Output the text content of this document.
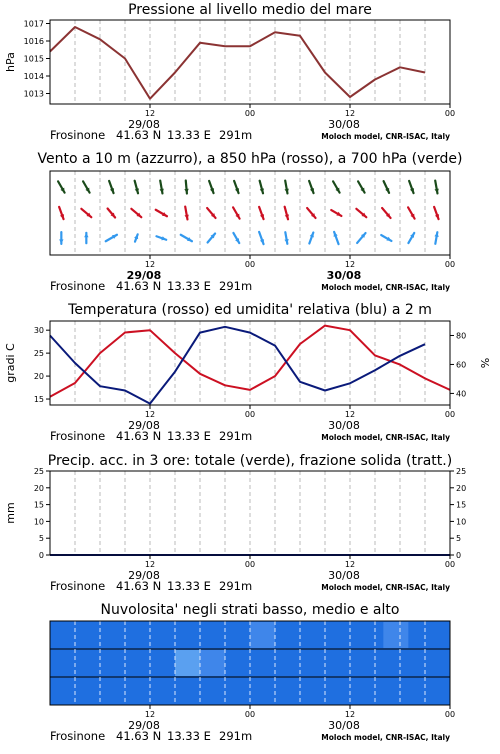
Pressione al livello medio del mare
1013
1014
1015
1016
1017
hPa
12	00	12	00
29/08	30/08
Frosinone 41.63 N 13.33 E 291m	Moloch model, CNR-ISAC, Italy
Vento a 10 m (azzurro), a 850 hPa (rosso), a 700 hPa (verde)
12	00	12	00
29/08	30/08
Frosinone 41.63 N 13.33 E 291m	Moloch model, CNR-ISAC, Italy
Temperatura (rosso) ed umidita' relativa (blu) a 2 m
15
20
25
30
40
60
80
gradi C	%
12	00	12	00
29/08	30/08
Frosinone 41.63 N 13.33 E 291m	Moloch model, CNR-ISAC, Italy
Precip. acc. in 3 ore: totale (verde), frazione solida (tratt.)
0
5
10
15
20
25
0
5
10
15
20
25
mm
12	00	12	00
29/08	30/08
Frosinone 41.63 N 13.33 E 291m	Moloch model, CNR-ISAC, Italy
Nuvolosita' negli strati basso, medio e alto
12	00	12	00
29/08	30/08
Frosinone 41.63 N 13.33 E 291m	Moloch model, CNR-ISAC, Italy
